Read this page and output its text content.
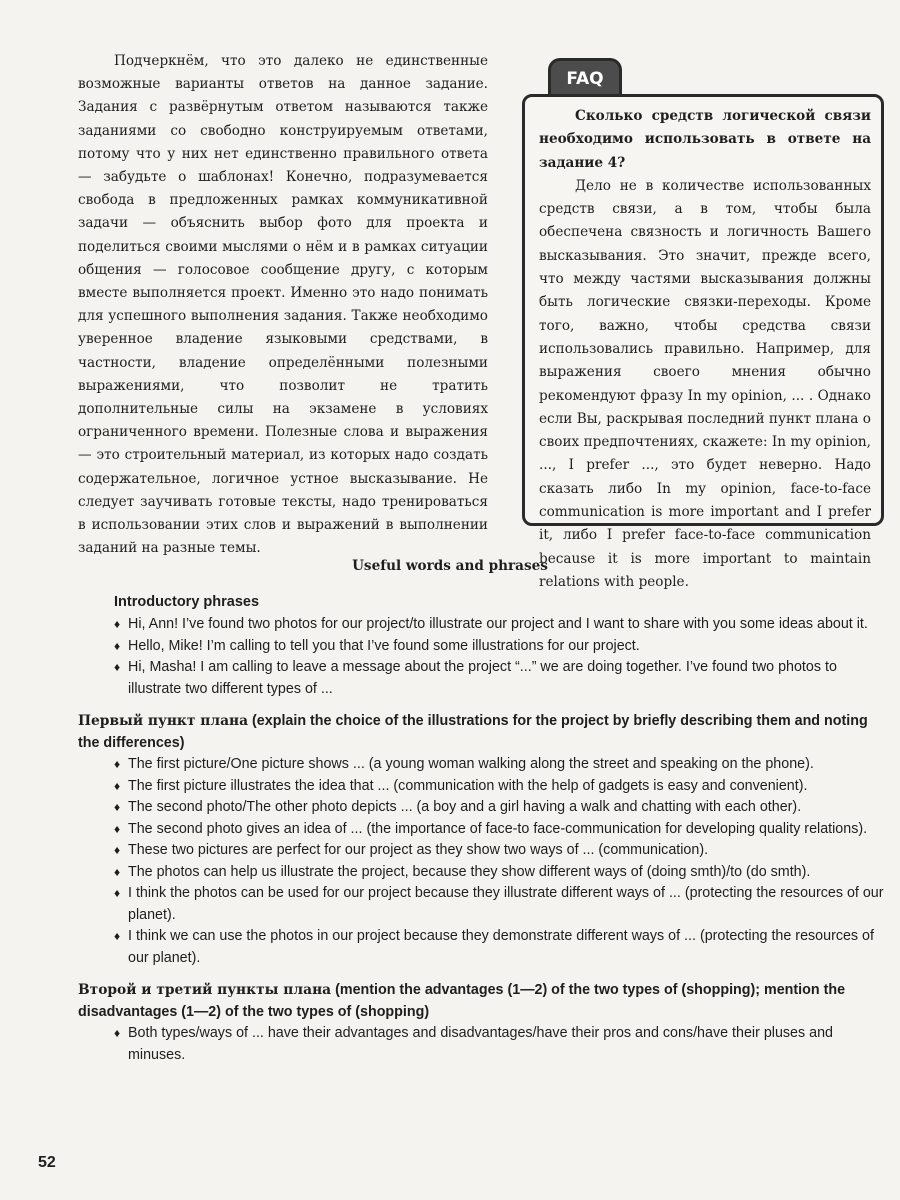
Подчеркнём, что это далеко не единственные возможные варианты ответов на данное задание. Задания с развёрнутым ответом называются также заданиями со свободно конструируемым ответами, потому что у них нет единственно правильного ответа — забудьте о шаблонах! Конечно, подразумевается свобода в предложенных рамках коммуникативной задачи — объяснить выбор фото для проекта и поделиться своими мыслями о нём и в рамках ситуации общения — голосовое сообщение другу, с которым вместе выполняется проект. Именно это надо понимать для успешного выполнения задания. Также необходимо уверенное владение языковыми средствами, в частности, владение определёнными полезными выражениями, что позволит не тратить дополнительные силы на экзамене в условиях ограниченного времени. Полезные слова и выражения — это строительный материал, из которых надо создать содержательное, логичное устное высказывание. Не следует заучивать готовые тексты, надо тренироваться в использовании этих слов и выражений в выполнении заданий на разные темы.

FAQ

Сколько средств логической связи необходимо использовать в ответе на задание 4?

Дело не в количестве использованных средств связи, а в том, чтобы была обеспечена связность и логичность Вашего высказывания. Это значит, прежде всего, что между частями высказывания должны быть логические связки-переходы. Кроме того, важно, чтобы средства связи использовались правильно. Например, для выражения своего мнения обычно рекомендуют фразу In my opinion, ... . Однако если Вы, раскрывая последний пункт плана о своих предпочтениях, скажете: In my opinion, ..., I prefer ..., это будет неверно. Надо сказать либо In my opinion, face-to-face communication is more important and I prefer it, либо I prefer face-to-face communication because it is more important to maintain relations with people.

Useful words and phrases
Introductory phrases
♦ Hi, Ann! I’ve found two photos for our project/to illustrate our project and I want to share with you some ideas about it.
♦ Hello, Mike! I’m calling to tell you that I’ve found some illustrations for our project.
♦ Hi, Masha! I am calling to leave a message about the project “...” we are doing together. I’ve found two photos to illustrate two different types of ...

Первый пункт плана (explain the choice of the illustrations for the project by briefly describing them and noting the differences)

♦ The first picture/One picture shows ... (a young woman walking along the street and speaking on the phone).
♦ The first picture illustrates the idea that ... (communication with the help of gadgets is easy and convenient).
♦ The second photo/The other photo depicts ... (a boy and a girl having a walk and chatting with each other).
♦ The second photo gives an idea of ... (the importance of face-to face-communication for developing quality relations).
♦ These two pictures are perfect for our project as they show two ways of ... (communication).
♦ The photos can help us illustrate the project, because they show different ways of (doing smth)/to (do smth).
♦ I think the photos can be used for our project because they illustrate different ways of ... (protecting the resources of our planet).
♦ I think we can use the photos in our project because they demonstrate different ways of ... (protecting the resources of our planet).

Второй и третий пункты плана (mention the advantages (1—2) of the two types of (shopping); mention the disadvantages (1—2) of the two types of (shopping)

♦ Both types/ways of ... have their advantages and disadvantages/have their pros and cons/have their pluses and minuses.
52
